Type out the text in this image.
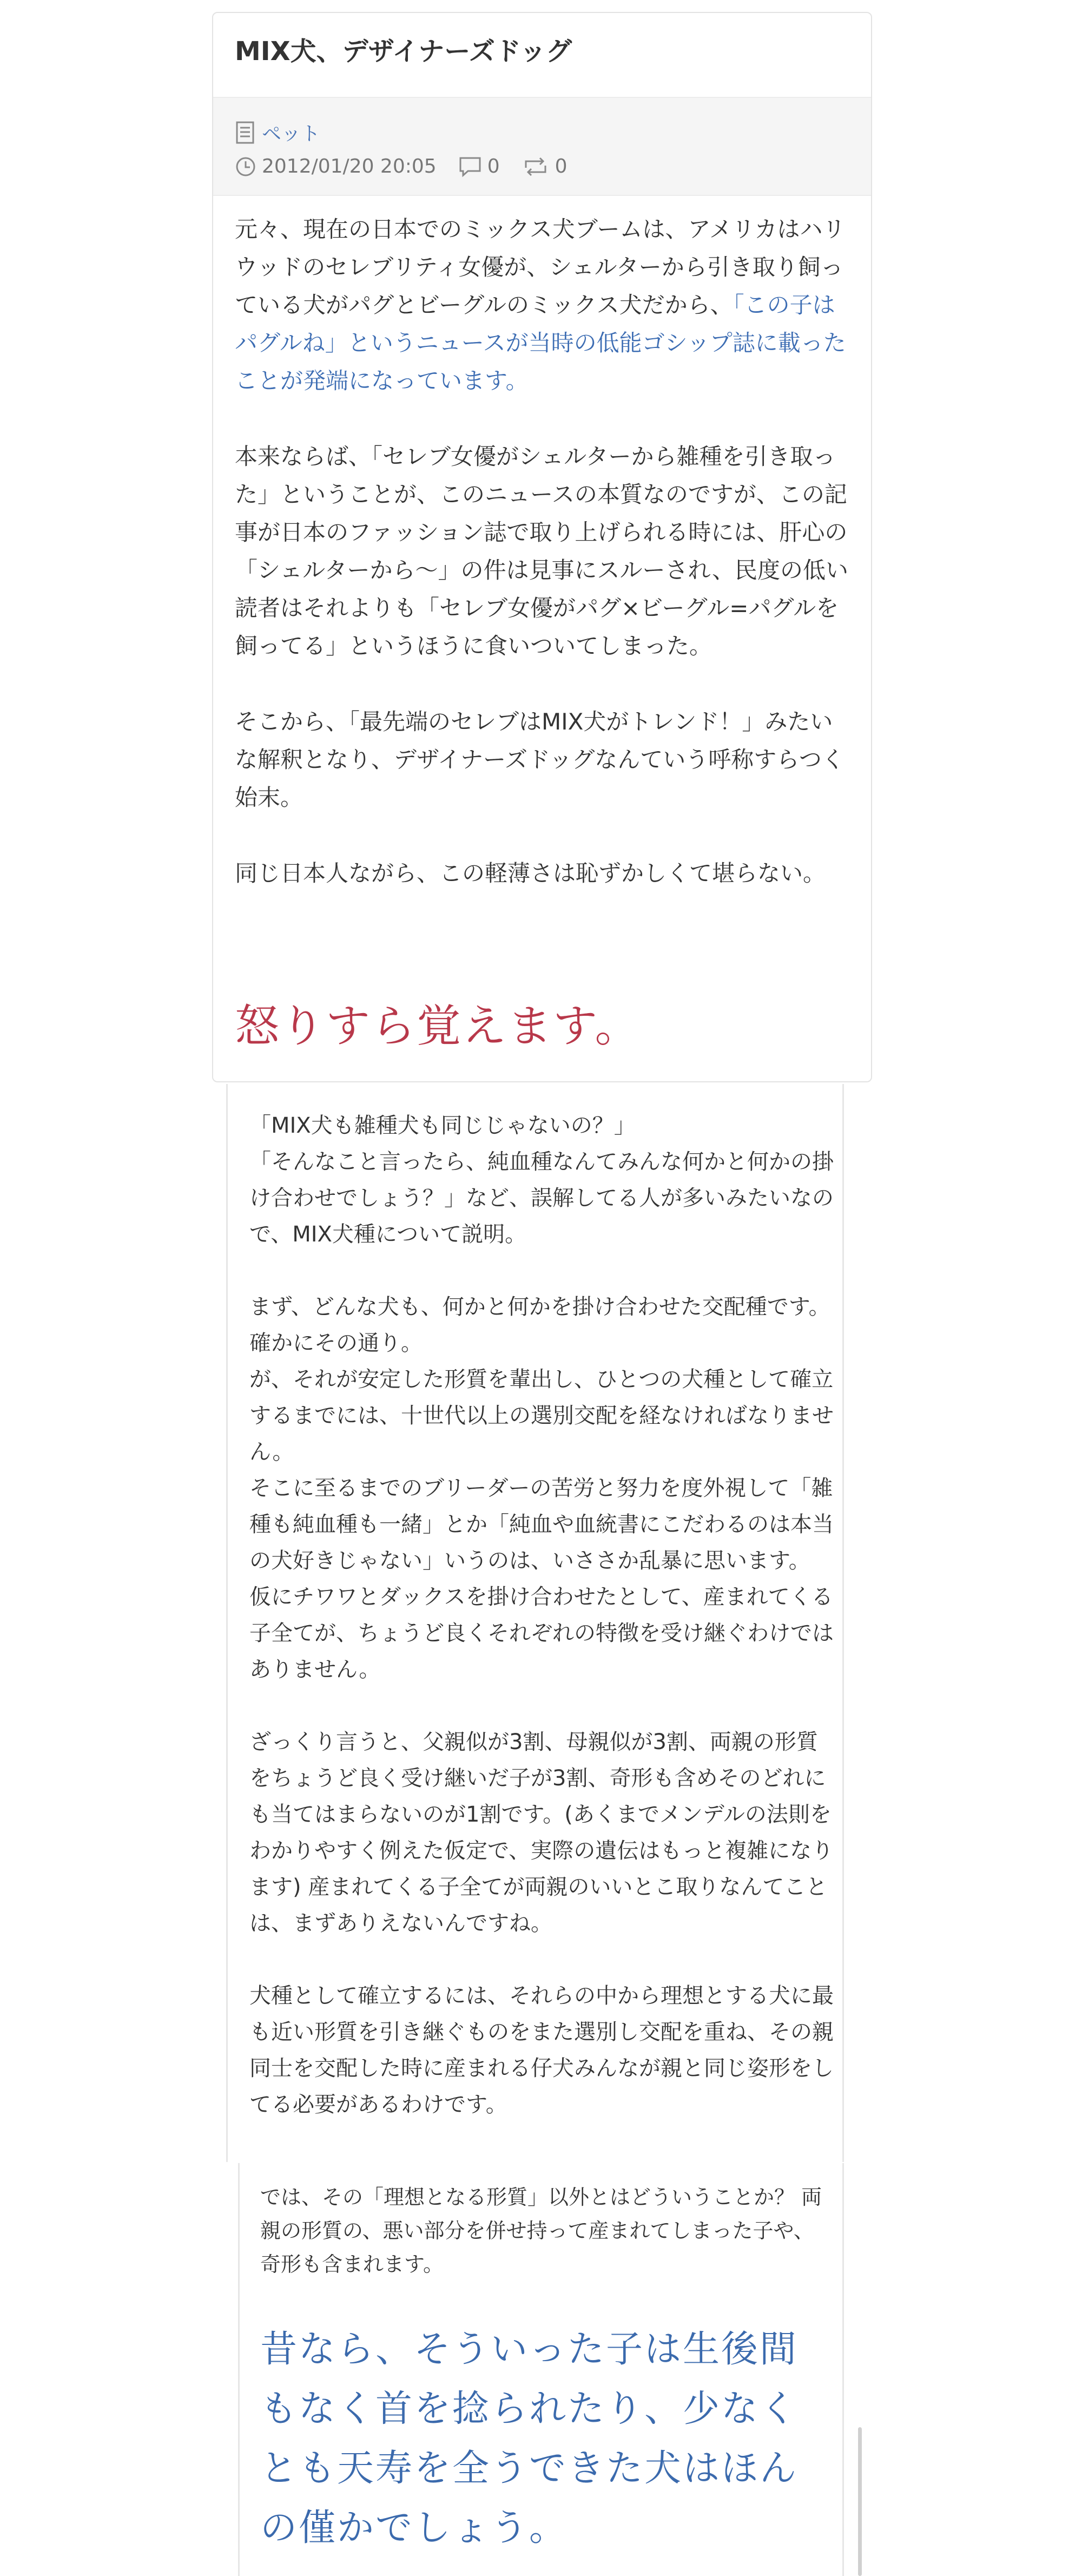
MIX犬、デザイナーズドッグ
ペット
2012/01/20 20:05	0	0

元々、現在の日本でのミックス犬ブームは、アメリカはハリウッドのセレブリティ女優が、シェルターから引き取り飼っている犬がパグとビーグルのミックス犬だから、「この子はパグルね」というニュースが当時の低能ゴシップ誌に載ったことが発端になっています。

本来ならば、「セレブ女優がシェルターから雑種を引き取った」ということが、このニュースの本質なのですが、この記事が日本のファッション誌で取り上げられる時には、肝心の「シェルターから〜」の件は見事にスルーされ、民度の低い読者はそれよりも「セレブ女優がパグ×ビーグル=パグルを飼ってる」というほうに食いついてしまった。

そこから、「最先端のセレブはMIX犬がトレンド！」みたいな解釈となり、デザイナーズドッグなんていう呼称すらつく始末。

同じ日本人ながら、この軽薄さは恥ずかしくて堪らない。

怒りすら覚えます。

「MIX犬も雑種犬も同じじゃないの？」
「そんなこと言ったら、純血種なんてみんな何かと何かの掛け合わせでしょう？」など、誤解してる人が多いみたいなので、MIX犬種について説明。

まず、どんな犬も、何かと何かを掛け合わせた交配種です。確かにその通り。
が、それが安定した形質を輩出し、ひとつの犬種として確立するまでには、十世代以上の選別交配を経なければなりません。
そこに至るまでのブリーダーの苦労と努力を度外視して「雑種も純血種も一緒」とか「純血や血統書にこだわるのは本当の犬好きじゃない」いうのは、いささか乱暴に思います。
仮にチワワとダックスを掛け合わせたとして、産まれてくる子全てが、ちょうど良くそれぞれの特徴を受け継ぐわけではありません。

ざっくり言うと、父親似が3割、母親似が3割、両親の形質をちょうど良く受け継いだ子が3割、奇形も含めそのどれにも当てはまらないのが1割です。(あくまでメンデルの法則をわかりやすく例えた仮定で、実際の遺伝はもっと複雑になります) 産まれてくる子全てが両親のいいとこ取りなんてことは、まずありえないんですね。

犬種として確立するには、それらの中から理想とする犬に最も近い形質を引き継ぐものをまた選別し交配を重ね、その親同士を交配した時に産まれる仔犬みんなが親と同じ姿形をしてる必要があるわけです。

では、その「理想となる形質」以外とはどういうことか？ 両親の形質の、悪い部分を併せ持って産まれてしまった子や、奇形も含まれます。

昔なら、そういった子は生後間もなく首を捻られたり、少なくとも天寿を全うできた犬はほんの僅かでしょう。
